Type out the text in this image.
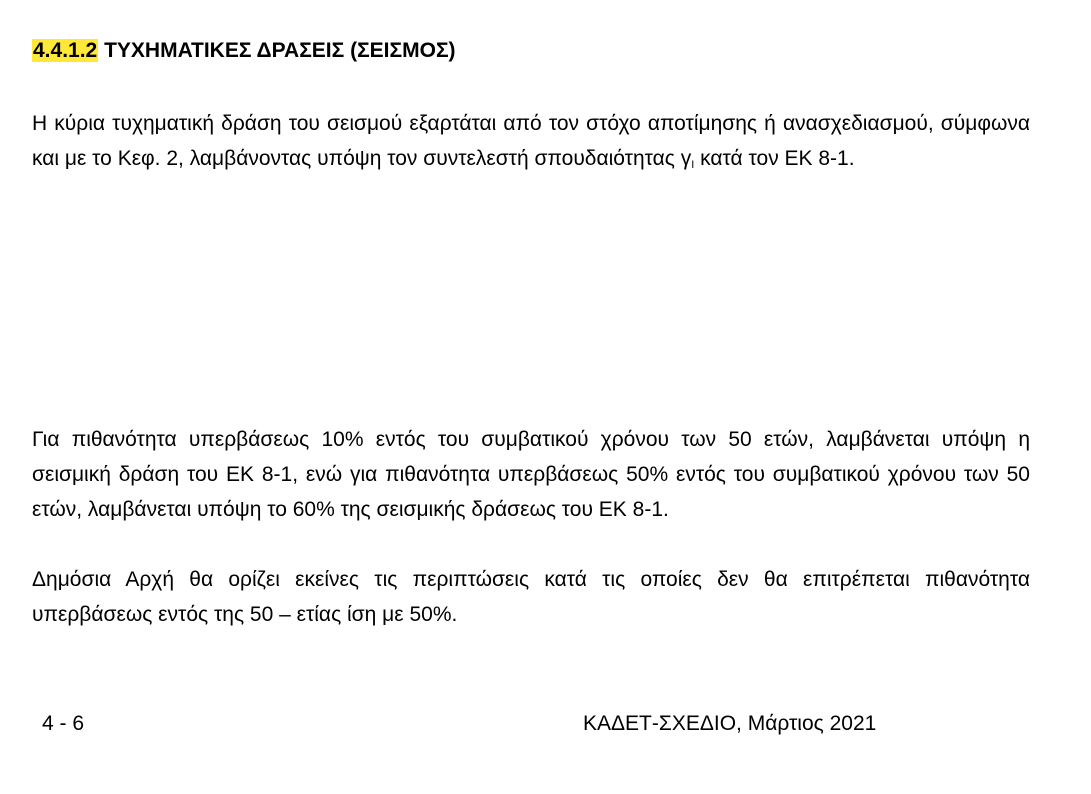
4.4.1.2 ΤΥΧΗΜΑΤΙΚΕΣ ΔΡΑΣΕΙΣ (ΣΕΙΣΜΟΣ)

Η κύρια τυχηματική δράση του σεισμού εξαρτάται από τον στόχο αποτίμησης ή ανασχεδιασμού, σύμφωνα και με το Κεφ. 2, λαμβάνοντας υπόψη τον συντελεστή σπουδαιότητας $\gamma_I$ κατά τον ΕΚ 8-1.

Για πιθανότητα υπερβάσεως 10% εντός του συμβατικού χρόνου των 50 ετών, λαμβάνεται υπόψη η σεισμική δράση του ΕΚ 8-1, ενώ για πιθανότητα υπερβάσεως 50% εντός του συμβατικού χρόνου των 50 ετών, λαμβάνεται υπόψη το 60% της σεισμικής δράσεως του ΕΚ 8-1.

Δημόσια Αρχή θα ορίζει εκείνες τις περιπτώσεις κατά τις οποίες δεν θα επιτρέπεται πιθανότητα υπερβάσεως εντός της 50 – ετίας ίση με 50%.

4 - 6	ΚΑΔΕΤ-ΣΧΕΔΙΟ, Μάρτιος 2021
